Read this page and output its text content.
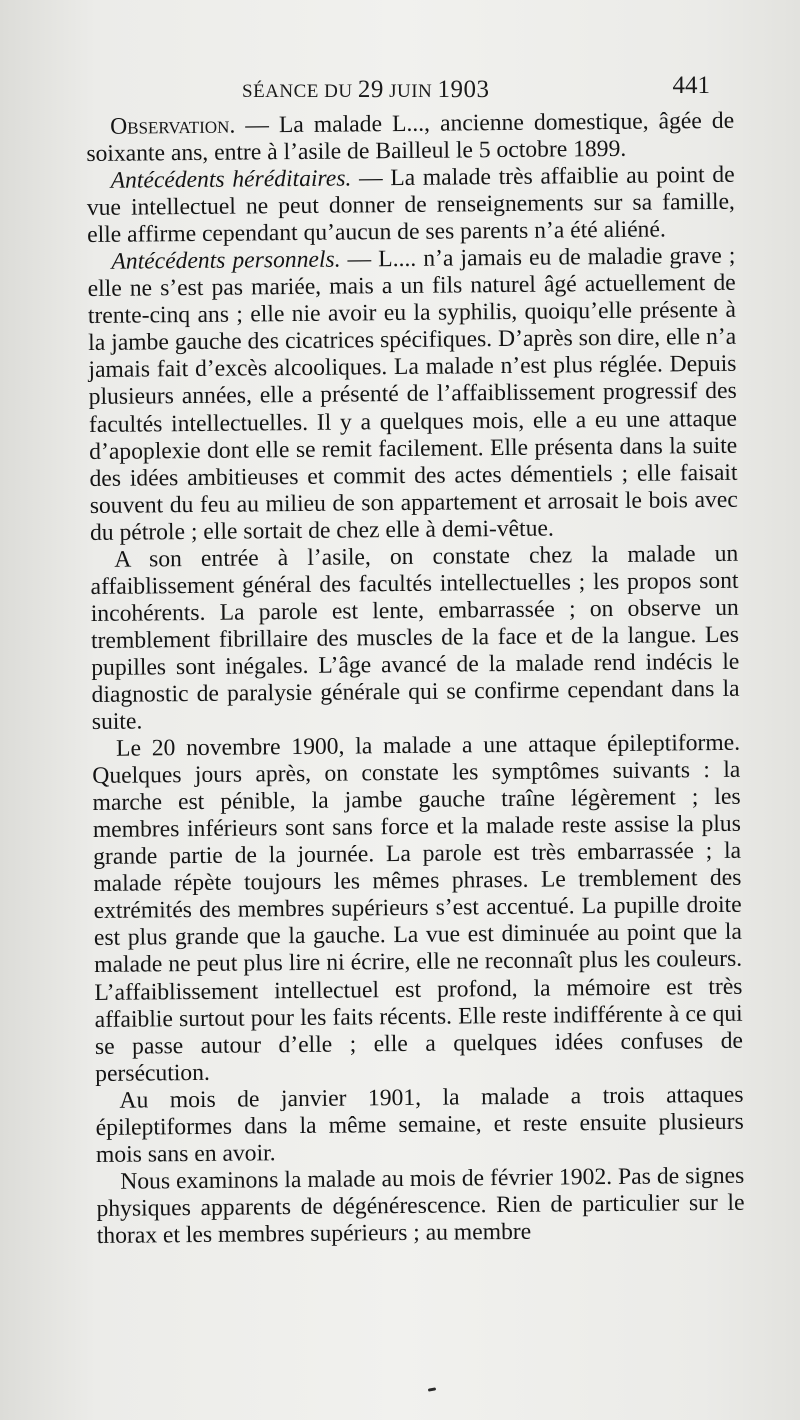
SÉANCE DU 29 JUIN 1903	441

Observation. — La malade L..., ancienne domestique, âgée de soixante ans, entre à l’asile de Bailleul le 5 octobre 1899.

Antécédents héréditaires. — La malade très affaiblie au point de vue intellectuel ne peut donner de renseignements sur sa famille, elle affirme cependant qu’aucun de ses parents n’a été aliéné.

Antécédents personnels. — L.... n’a jamais eu de maladie grave ; elle ne s’est pas mariée, mais a un fils naturel âgé actuellement de trente-cinq ans ; elle nie avoir eu la syphilis, quoiqu’elle présente à la jambe gauche des cicatrices spécifiques. D’après son dire, elle n’a jamais fait d’excès alcooliques. La malade n’est plus réglée. Depuis plusieurs années, elle a présenté de l’affaiblissement progressif des facultés intellectuelles. Il y a quelques mois, elle a eu une attaque d’apoplexie dont elle se remit facilement. Elle présenta dans la suite des idées ambitieuses et commit des actes démentiels ; elle faisait souvent du feu au milieu de son appartement et arrosait le bois avec du pétrole ; elle sortait de chez elle à demi-vêtue.

A son entrée à l’asile, on constate chez la malade un affaiblissement général des facultés intellectuelles ; les propos sont incohérents. La parole est lente, embarrassée ; on observe un tremblement fibrillaire des muscles de la face et de la langue. Les pupilles sont inégales. L’âge avancé de la malade rend indécis le diagnostic de paralysie générale qui se confirme cependant dans la suite.

Le 20 novembre 1900, la malade a une attaque épileptiforme. Quelques jours après, on constate les symptômes suivants : la marche est pénible, la jambe gauche traîne légèrement ; les membres inférieurs sont sans force et la malade reste assise la plus grande partie de la journée. La parole est très embarrassée ; la malade répète toujours les mêmes phrases. Le tremblement des extrémités des membres supérieurs s’est accentué. La pupille droite est plus grande que la gauche. La vue est diminuée au point que la malade ne peut plus lire ni écrire, elle ne reconnaît plus les couleurs. L’affaiblissement intellectuel est profond, la mémoire est très affaiblie surtout pour les faits récents. Elle reste indifférente à ce qui se passe autour d’elle ; elle a quelques idées confuses de persécution.

Au mois de janvier 1901, la malade a trois attaques épileptiformes dans la même semaine, et reste ensuite plusieurs mois sans en avoir.

Nous examinons la malade au mois de février 1902. Pas de signes physiques apparents de dégénérescence. Rien de particulier sur le thorax et les membres supérieurs ; au membre
